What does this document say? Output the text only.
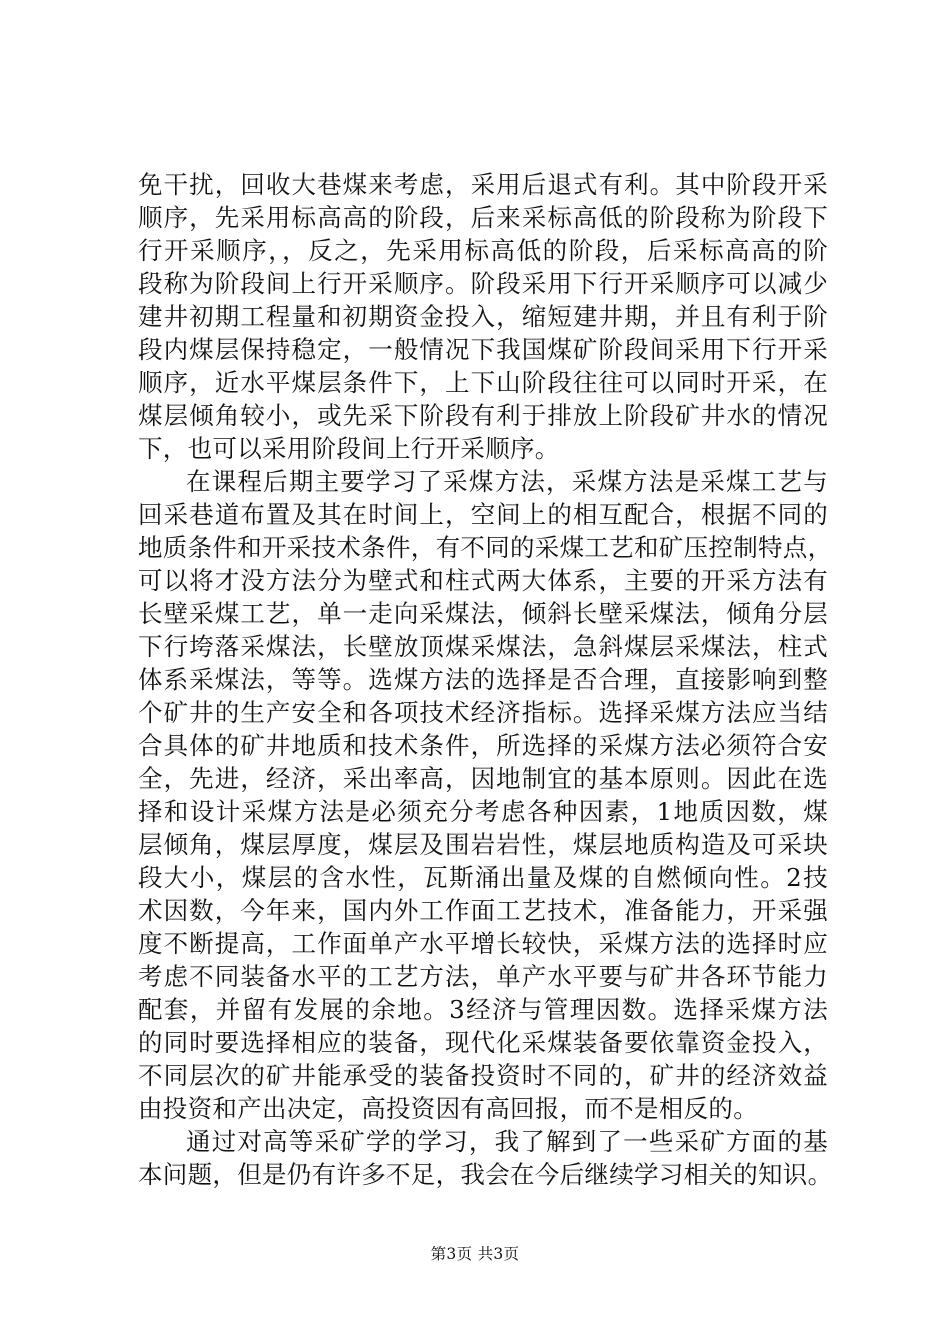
免干扰，回收大巷煤来考虑，采用后退式有利。其中阶段开采
顺序，先采用标高高的阶段，后来采标高低的阶段称为阶段下
行开采顺序，，反之，先采用标高低的阶段，后采标高高的阶
段称为阶段间上行开采顺序。阶段采用下行开采顺序可以减少
建井初期工程量和初期资金投入，缩短建井期，并且有利于阶
段内煤层保持稳定，一般情况下我国煤矿阶段间采用下行开采
顺序，近水平煤层条件下，上下山阶段往往可以同时开采，在
煤层倾角较小，或先采下阶段有利于排放上阶段矿井水的情况
下，也可以采用阶段间上行开采顺序。
在课程后期主要学习了采煤方法，采煤方法是采煤工艺与
回采巷道布置及其在时间上，空间上的相互配合，根据不同的
地质条件和开采技术条件，有不同的采煤工艺和矿压控制特点，
可以将才没方法分为壁式和柱式两大体系，主要的开采方法有
长壁采煤工艺，单一走向采煤法，倾斜长壁采煤法，倾角分层
下行垮落采煤法，长壁放顶煤采煤法，急斜煤层采煤法，柱式
体系采煤法，等等。选煤方法的选择是否合理，直接影响到整
个矿井的生产安全和各项技术经济指标。选择采煤方法应当结
合具体的矿井地质和技术条件，所选择的采煤方法必须符合安
全，先进，经济，采出率高，因地制宜的基本原则。因此在选
择和设计采煤方法是必须充分考虑各种因素，1地质因数，煤
层倾角，煤层厚度，煤层及围岩岩性，煤层地质构造及可采块
段大小，煤层的含水性，瓦斯涌出量及煤的自燃倾向性。2技
术因数，今年来，国内外工作面工艺技术，准备能力，开采强
度不断提高，工作面单产水平增长较快，采煤方法的选择时应
考虑不同装备水平的工艺方法，单产水平要与矿井各环节能力
配套，并留有发展的余地。3经济与管理因数。选择采煤方法
的同时要选择相应的装备，现代化采煤装备要依靠资金投入，
不同层次的矿井能承受的装备投资时不同的，矿井的经济效益
由投资和产出决定，高投资因有高回报，而不是相反的。
通过对高等采矿学的学习，我了解到了一些采矿方面的基
本问题，但是仍有许多不足，我会在今后继续学习相关的知识。
第3页 共3页
